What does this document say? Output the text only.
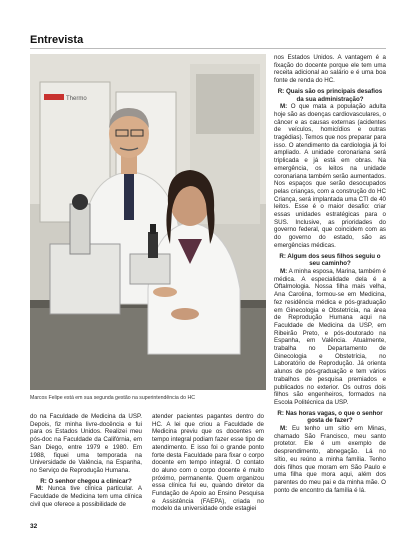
Entrevista
Thermo
Marcos Felipe está em sua segunda gestão na superintendência do HC

nos Estados Unidos. A vantagem é a fixação do docente porque ele tem uma receita adicional ao salário e é uma boa fonte de renda do HC.

R: Quais são os principais desafios da sua administração?

M: O que mata a população adulta hoje são as doenças cardiovasculares, o câncer e as causas externas (acidentes de veículos, homicídios e outras tragédias). Temos que nos preparar para isso. O atendimento da cardiologia já foi ampliado. A unidade coronariana será triplicada e já está em obras. Na emergência, os leitos na unidade coronariana também serão aumentados. Nos espaços que serão desocupados pelas crianças, com a construção do HC Criança, será implantada uma CTI de 40 leitos. Esse é o maior desafio: criar essas unidades estratégicas para o SUS. Inclusive, as prioridades do governo federal, que coincidem com as do governo do estado, são as emergências médicas.

R: Algum dos seus filhos seguiu o seu caminho?

M: A minha esposa, Marina, também é médica. A especialidade dela é a Oftalmologia. Nossa filha mais velha, Ana Carolina, formou-se em Medicina, fez residência médica e pós-graduação em Ginecologia e Obstetrícia, na área de Reprodução Humana aqui na Faculdade de Medicina da USP, em Ribeirão Preto, e pós-doutorado na Espanha, em Valência. Atualmente, trabalha no Departamento de Ginecologia e Obstetrícia, no Laboratório de Reprodução. Já orienta alunos de pós-graduação e tem vários trabalhos de pesquisa premiados e publicados no exterior. Os outros dois filhos são engenheiros, formados na Escola Politécnica da USP.

R: Nas horas vagas, o que o senhor gosta de fazer?

M: Eu tenho um sítio em Minas, chamado São Francisco, meu santo protetor. Ele é um exemplo de desprendimento, abnegação. Lá no sítio, eu reúno a minha família. Tenho dois filhos que moram em São Paulo e uma filha que mora aqui, além dos parentes do meu pai e da minha mãe. O ponto de encontro da família é lá.

do na Faculdade de Medicina da USP. Depois, fiz minha livre-docência e fui para os Estados Unidos. Realizei meu pós-doc na Faculdade da Califórnia, em San Diego, entre 1979 e 1980. Em 1988, fiquei uma temporada na Universidade de Valência, na Espanha, no Serviço de Reprodução Humana.

R: O senhor chegou a clinicar?

M: Nunca tive clínica particular. A Faculdade de Medicina tem uma clínica civil que oferece a possibilidade de

atender pacientes pagantes dentro do HC. A lei que criou a Faculdade de Medicina previu que os docentes em tempo integral podiam fazer esse tipo de atendimento. E isso foi o grande ponto forte desta Faculdade para fixar o corpo docente em tempo integral. O contato do aluno com o corpo docente é muito próximo, permanente. Quem organizou essa clínica fui eu, quando diretor da Fundação de Apoio ao Ensino Pesquisa e Assistência (FAEPA), criada no modelo da universidade onde estagiei

32
